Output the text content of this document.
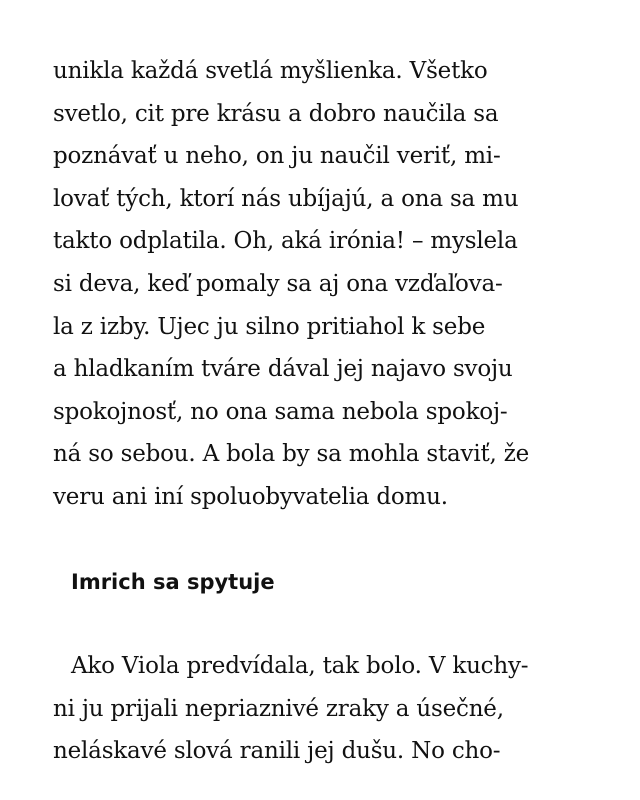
unikla každá svetlá myšlienka. Všetko
svetlo, cit pre krásu a dobro naučila sa
poznávať u neho, on ju naučil veriť, mi-
lovať tých, ktorí nás ubíjajú, a ona sa mu
takto odplatila. Oh, aká irónia! – myslela
si deva, keď pomaly sa aj ona vzďaľova-
la z izby. Ujec ju silno pritiahol k sebe
a hladkaním tváre dával jej najavo svoju
spokojnosť, no ona sama nebola spokoj-
ná so sebou. A bola by sa mohla staviť, že
veru ani iní spoluobyvatelia domu.
Imrich sa spytuje
Ako Viola predvídala, tak bolo. V kuchy-
ni ju prijali nepriaznivé zraky a úsečné,
neláskavé slová ranili jej dušu. No cho-
